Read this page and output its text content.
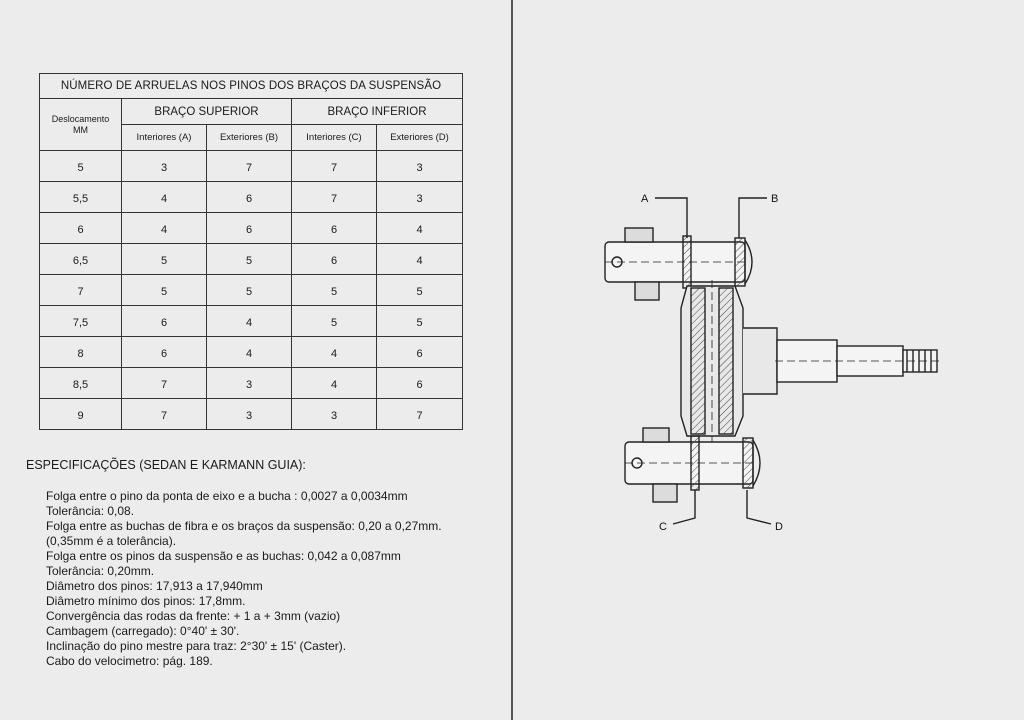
NÚMERO DE ARRUELAS NOS PINOS DOS BRAÇOS DA SUSPENSÃO				
Deslocamento
MM	BRAÇO SUPERIOR		BRAÇO INFERIOR	
	Interiores (A)	Exteriores (B)	Interiores (C)	Exteriores (D)
5	3	7	7	3
5,5	4	6	7	3
6	4	6	6	4
6,5	5	5	6	4
7	5	5	5	5
7,5	6	4	5	5
8	6	4	4	6
8,5	7	3	4	6
9	7	3	3	7
ESPECIFICAÇÕES (SEDAN E KARMANN GUIA):
Folga entre o pino da ponta de eixo e a bucha : 0,0027 a 0,0034mm
Tolerância: 0,08.
Folga entre as buchas de fibra e os braços da suspensão: 0,20 a 0,27mm.
(0,35mm é a tolerância).
Folga entre os pinos da suspensão e as buchas: 0,042 a 0,087mm
Tolerância: 0,20mm.
Diâmetro dos pinos: 17,913 a 17,940mm
Diâmetro mínimo dos pinos: 17,8mm.
Convergência das rodas da frente: + 1 a + 3mm (vazio)
Cambagem (carregado): 0°40' ± 30'.
Inclinação do pino mestre para traz: 2°30' ± 15' (Caster).
Cabo do velocimetro: pág. 189.
A	B
C	D
